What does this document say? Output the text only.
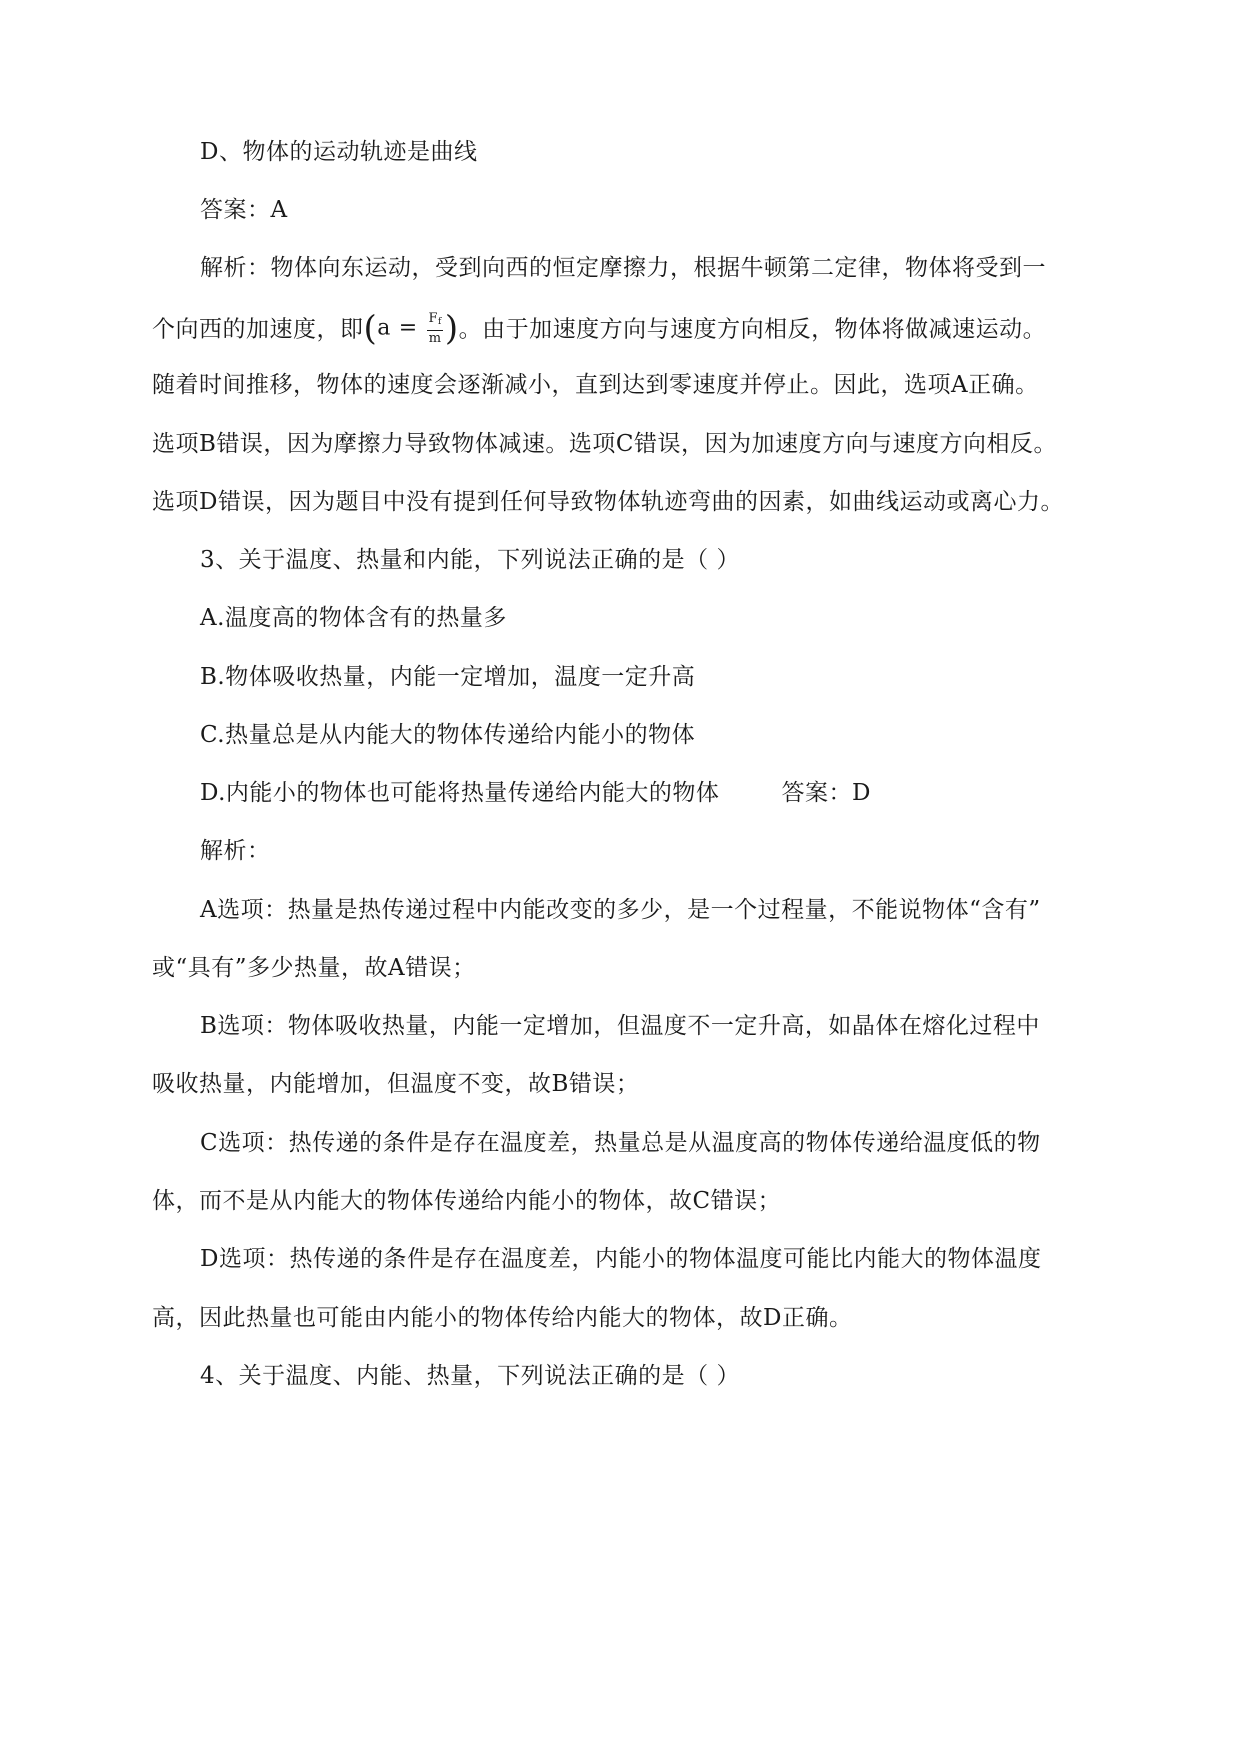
D、物体的运动轨迹是曲线
答案：A
解析：物体向东运动，受到向西的恒定摩擦力，根据牛顿第二定律，物体将受到一
个向西的加速度，即($a = \frac{F_f}{m}$ )。由于加速度方向与速度方向相反，物体将做减速运动。
随着时间推移，物体的速度会逐渐减小，直到达到零速度并停止。因此，选项A正确。
选项B错误，因为摩擦力导致物体减速。选项C错误，因为加速度方向与速度方向相反。
选项D错误，因为题目中没有提到任何导致物体轨迹弯曲的因素，如曲线运动或离心力。
3、关于温度、热量和内能，下列说法正确的是（ ）
A.温度高的物体含有的热量多
B.物体吸收热量，内能一定增加，温度一定升高
C.热量总是从内能大的物体传递给内能小的物体
D.内能小的物体也可能将热量传递给内能大的物体	答案：D
解析：
A选项：热量是热传递过程中内能改变的多少，是一个过程量，不能说物体“含有”
或“具有”多少热量，故A错误；
B选项：物体吸收热量，内能一定增加，但温度不一定升高，如晶体在熔化过程中
吸收热量，内能增加，但温度不变，故B错误；
C选项：热传递的条件是存在温度差，热量总是从温度高的物体传递给温度低的物
体，而不是从内能大的物体传递给内能小的物体，故C错误；
D选项：热传递的条件是存在温度差，内能小的物体温度可能比内能大的物体温度
高，因此热量也可能由内能小的物体传给内能大的物体，故D正确。
4、关于温度、内能、热量，下列说法正确的是（ ）
